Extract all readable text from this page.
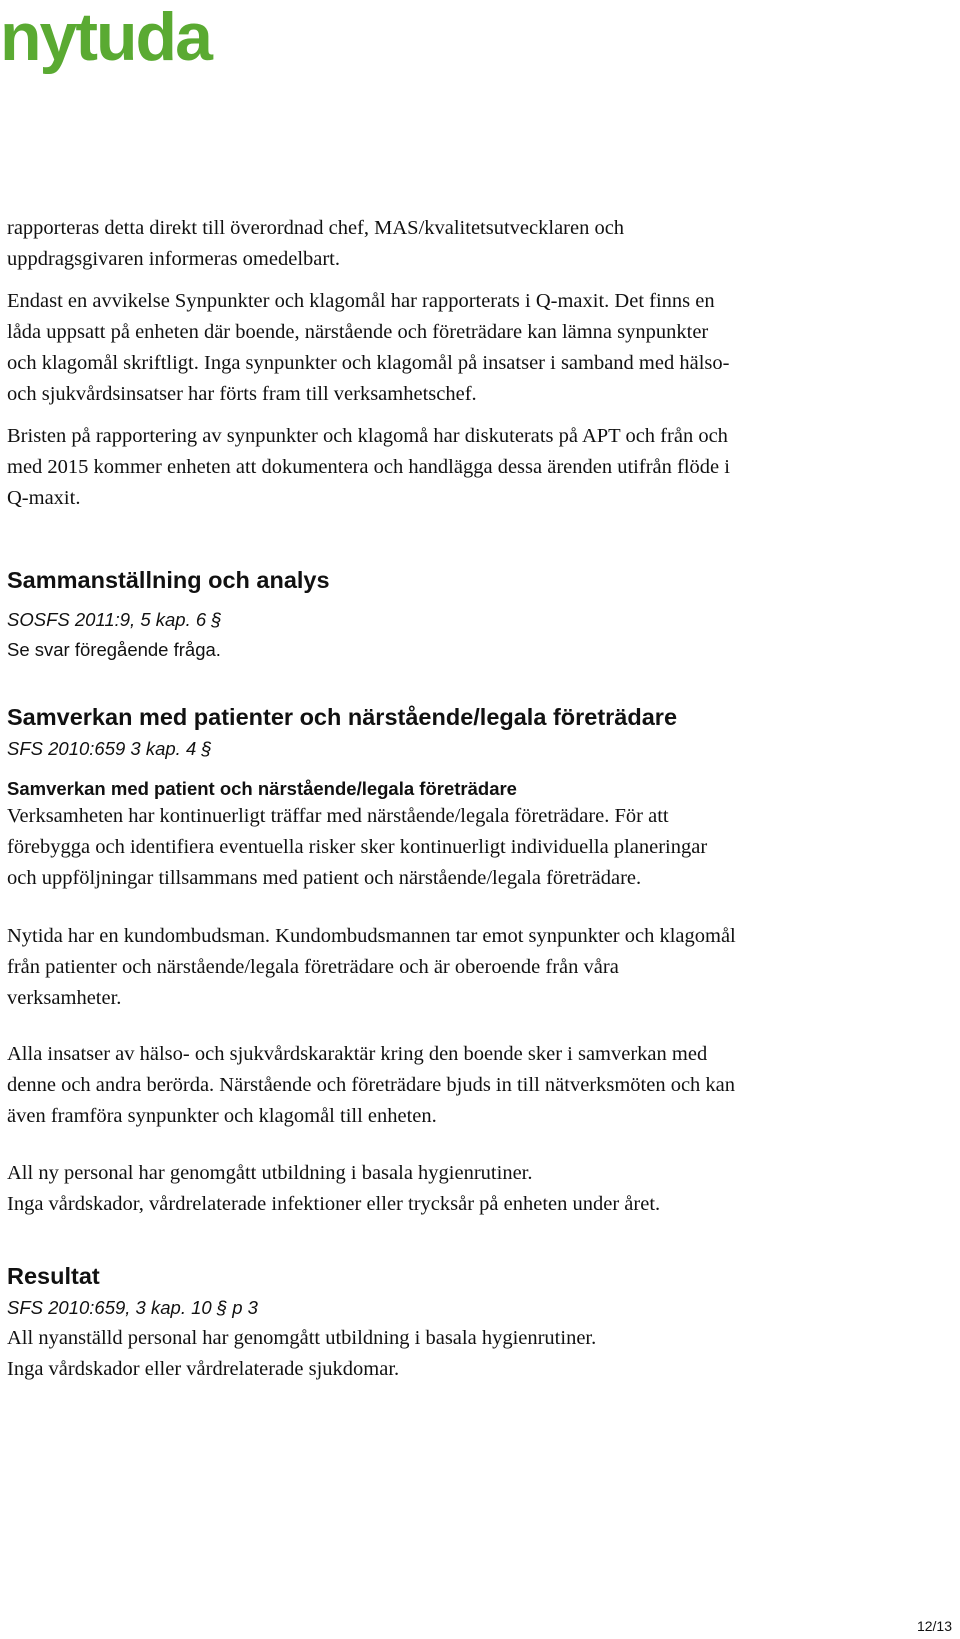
nytuda

rapporteras detta direkt till överordnad chef, MAS/kvalitetsutvecklaren och
uppdragsgivaren informeras omedelbart.

Endast en avvikelse Synpunkter och klagomål har rapporterats i Q-maxit. Det finns en
låda uppsatt på enheten där boende, närstående och företrädare kan lämna synpunkter
och klagomål skriftligt. Inga synpunkter och klagomål på insatser i samband med hälso-
och sjukvårdsinsatser har förts fram till verksamhetschef.

Bristen på rapportering av synpunkter och klagomå har diskuterats på APT och från och
med 2015 kommer enheten att dokumentera och handlägga dessa ärenden utifrån flöde i
Q-maxit.

Sammanställning och analys

SOSFS 2011:9, 5 kap. 6 §

Se svar föregående fråga.

Samverkan med patienter och närstående/legala företrädare

SFS 2010:659 3 kap. 4 §

Samverkan med patient och närstående/legala företrädare

Verksamheten har kontinuerligt träffar med närstående/legala företrädare. För att
förebygga och identifiera eventuella risker sker kontinuerligt individuella planeringar
och uppföljningar tillsammans med patient och närstående/legala företrädare.

Nytida har en kundombudsman. Kundombudsmannen tar emot synpunkter och klagomål
från patienter och närstående/legala företrädare och är oberoende från våra
verksamheter.

Alla insatser av hälso- och sjukvårdskaraktär kring den boende sker i samverkan med
denne och andra berörda. Närstående och företrädare bjuds in till nätverksmöten och kan
även framföra synpunkter och klagomål till enheten.

All ny personal har genomgått utbildning i basala hygienrutiner.
Inga vårdskador, vårdrelaterade infektioner eller trycksår på enheten under året.

Resultat

SFS 2010:659, 3 kap. 10 § p 3

All nyanställd personal har genomgått utbildning i basala hygienrutiner.
Inga vårdskador eller vårdrelaterade sjukdomar.

12/13
